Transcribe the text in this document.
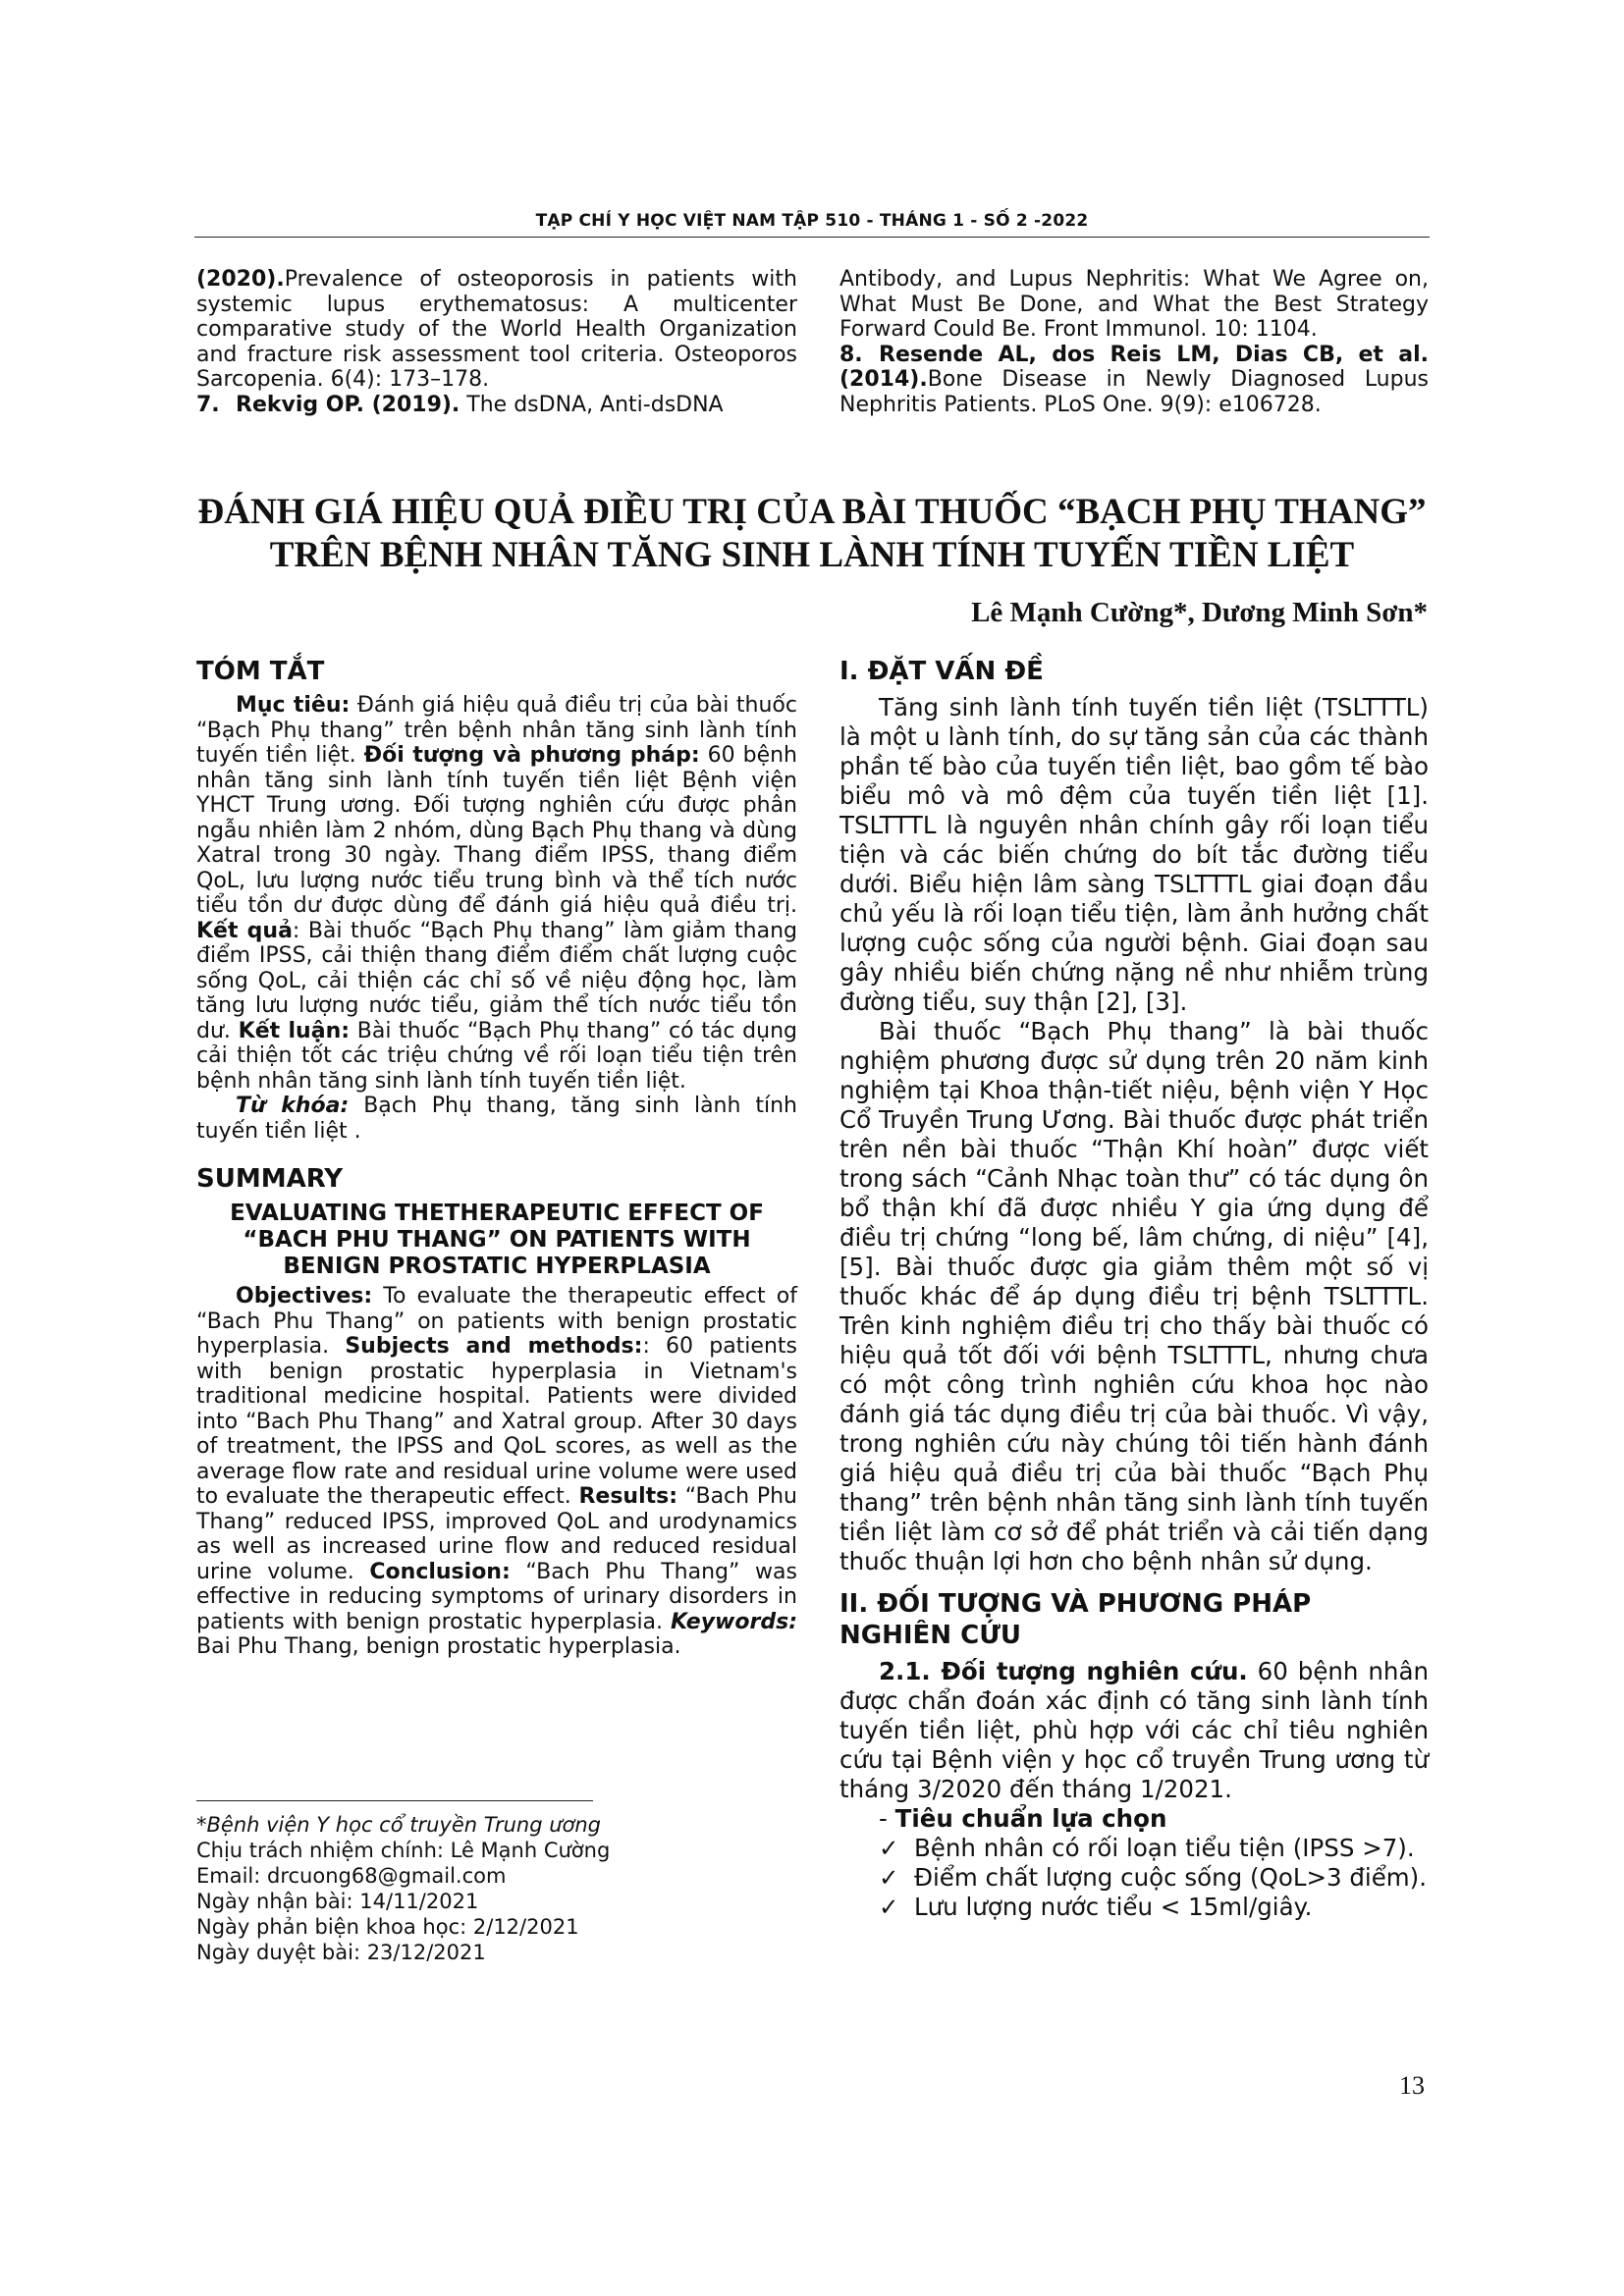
TẠP CHÍ Y HỌC VIỆT NAM TẬP 510 - THÁNG 1 - SỐ 2 -2022

(2020).Prevalence of osteoporosis in patients with systemic lupus erythematosus: A multicenter comparative study of the World Health Organization and fracture risk assessment tool criteria. Osteoporos Sarcopenia. 6(4): 173–178.

7. Rekvig OP. (2019). The dsDNA, Anti-dsDNA

Antibody, and Lupus Nephritis: What We Agree on, What Must Be Done, and What the Best Strategy Forward Could Be. Front Immunol. 10: 1104.

8. Resende AL, dos Reis LM, Dias CB, et al. (2014).Bone Disease in Newly Diagnosed Lupus Nephritis Patients. PLoS One. 9(9): e106728.

ĐÁNH GIÁ HIỆU QUẢ ĐIỀU TRỊ CỦA BÀI THUỐC “BẠCH PHỤ THANG”
TRÊN BỆNH NHÂN TĂNG SINH LÀNH TÍNH TUYẾN TIỀN LIỆT
Lê Mạnh Cường*, Dương Minh Sơn*
TÓM TẮT

Mục tiêu: Đánh giá hiệu quả điều trị của bài thuốc “Bạch Phụ thang” trên bệnh nhân tăng sinh lành tính tuyến tiền liệt. Đối tượng và phương pháp: 60 bệnh nhân tăng sinh lành tính tuyến tiền liệt Bệnh viện YHCT Trung ương. Đối tượng nghiên cứu được phân ngẫu nhiên làm 2 nhóm, dùng Bạch Phụ thang và dùng Xatral trong 30 ngày. Thang điểm IPSS, thang điểm QoL, lưu lượng nước tiểu trung bình và thể tích nước tiểu tồn dư được dùng để đánh giá hiệu quả điều trị. Kết quả: Bài thuốc “Bạch Phụ thang” làm giảm thang điểm IPSS, cải thiện thang điểm điểm chất lượng cuộc sống QoL, cải thiện các chỉ số về niệu động học, làm tăng lưu lượng nước tiểu, giảm thể tích nước tiểu tồn dư. Kết luận: Bài thuốc “Bạch Phụ thang” có tác dụng cải thiện tốt các triệu chứng về rối loạn tiểu tiện trên bệnh nhân tăng sinh lành tính tuyến tiền liệt.

Từ khóa: Bạch Phụ thang, tăng sinh lành tính tuyến tiền liệt .

SUMMARY
EVALUATING THETHERAPEUTIC EFFECT OF “BACH PHU THANG” ON PATIENTS WITH BENIGN PROSTATIC HYPERPLASIA

Objectives: To evaluate the therapeutic effect of “Bach Phu Thang” on patients with benign prostatic hyperplasia. Subjects and methods:: 60 patients with benign prostatic hyperplasia in Vietnam's traditional medicine hospital. Patients were divided into “Bach Phu Thang” and Xatral group. After 30 days of treatment, the IPSS and QoL scores, as well as the average flow rate and residual urine volume were used to evaluate the therapeutic effect. Results: “Bach Phu Thang” reduced IPSS, improved QoL and urodynamics as well as increased urine flow and reduced residual urine volume. Conclusion: “Bach Phu Thang” was effective in reducing symptoms of urinary disorders in patients with benign prostatic hyperplasia. Keywords: Bai Phu Thang, benign prostatic hyperplasia.

*Bệnh viện Y học cổ truyền Trung ương
Chịu trách nhiệm chính: Lê Mạnh Cường
Email: drcuong68@gmail.com
Ngày nhận bài: 14/11/2021
Ngày phản biện khoa học: 2/12/2021
Ngày duyệt bài: 23/12/2021
I. ĐẶT VẤN ĐỀ

Tăng sinh lành tính tuyến tiền liệt (TSLTTTL) là một u lành tính, do sự tăng sản của các thành phần tế bào của tuyến tiền liệt, bao gồm tế bào biểu mô và mô đệm của tuyến tiền liệt [1]. TSLTTTL là nguyên nhân chính gây rối loạn tiểu tiện và các biến chứng do bít tắc đường tiểu dưới. Biểu hiện lâm sàng TSLTTTL giai đoạn đầu chủ yếu là rối loạn tiểu tiện, làm ảnh hưởng chất lượng cuộc sống của người bệnh. Giai đoạn sau gây nhiều biến chứng nặng nề như nhiễm trùng đường tiểu, suy thận [2], [3].

Bài thuốc “Bạch Phụ thang” là bài thuốc nghiệm phương được sử dụng trên 20 năm kinh nghiệm tại Khoa thận-tiết niệu, bệnh viện Y Học Cổ Truyền Trung Ương. Bài thuốc được phát triển trên nền bài thuốc “Thận Khí hoàn” được viết trong sách “Cảnh Nhạc toàn thư” có tác dụng ôn bổ thận khí đã được nhiều Y gia ứng dụng để điều trị chứng “long bế, lâm chứng, di niệu” [4], [5]. Bài thuốc được gia giảm thêm một số vị thuốc khác để áp dụng điều trị bệnh TSLTTTL. Trên kinh nghiệm điều trị cho thấy bài thuốc có hiệu quả tốt đối với bệnh TSLTTTL, nhưng chưa có một công trình nghiên cứu khoa học nào đánh giá tác dụng điều trị của bài thuốc. Vì vậy, trong nghiên cứu này chúng tôi tiến hành đánh giá hiệu quả điều trị của bài thuốc “Bạch Phụ thang” trên bệnh nhân tăng sinh lành tính tuyến tiền liệt làm cơ sở để phát triển và cải tiến dạng thuốc thuận lợi hơn cho bệnh nhân sử dụng.

II. ĐỐI TƯỢNG VÀ PHƯƠNG PHÁP NGHIÊN CỨU

2.1. Đối tượng nghiên cứu. 60 bệnh nhân được chẩn đoán xác định có tăng sinh lành tính tuyến tiền liệt, phù hợp với các chỉ tiêu nghiên cứu tại Bệnh viện y học cổ truyền Trung ương từ tháng 3/2020 đến tháng 1/2021.

- Tiêu chuẩn lựa chọn

✓ Bệnh nhân có rối loạn tiểu tiện (IPSS >7).
✓ Điểm chất lượng cuộc sống (QoL>3 điểm).
✓ Lưu lượng nước tiểu < 15ml/giây.
13
